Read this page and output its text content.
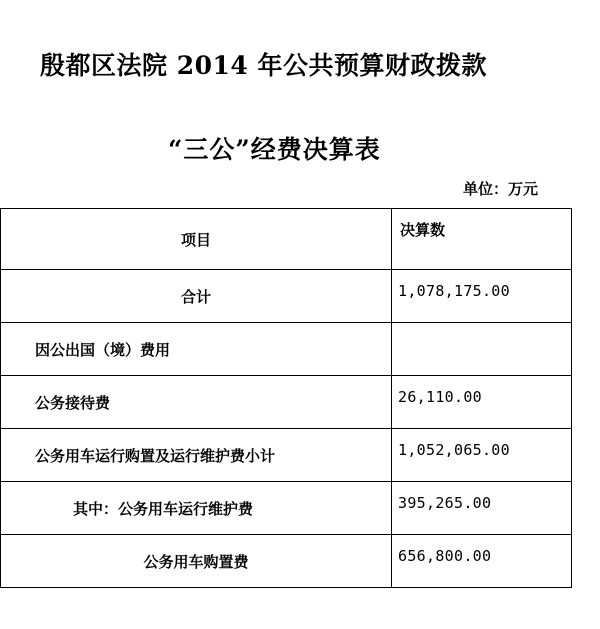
殷都区法院 2014 年公共预算财政拨款
“三公”经费决算表
单位：万元
项目	决算数
合计	1,078,175.00
因公出国（境）费用	
公务接待费	26,110.00
公务用车运行购置及运行维护费小计	1,052,065.00
其中：公务用车运行维护费	395,265.00
公务用车购置费	656,800.00
